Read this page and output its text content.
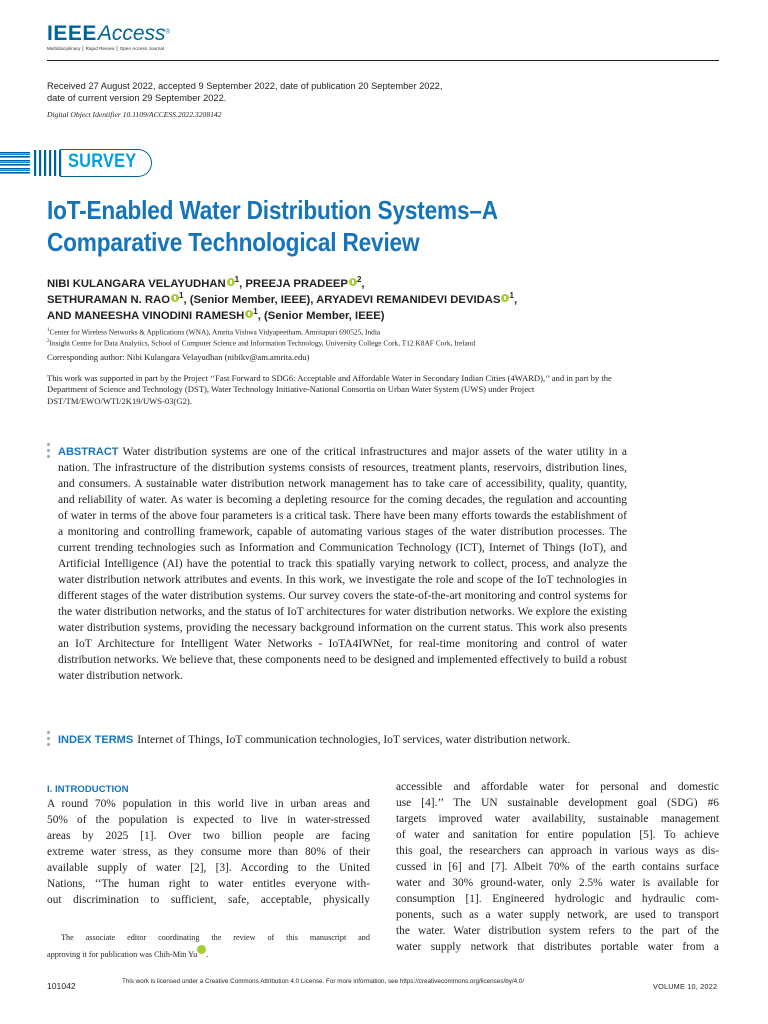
IEEEAccess®
Multidisciplinary ⎮ Rapid Review ⎮ Open Access Journal
Received 27 August 2022, accepted 9 September 2022, date of publication 20 September 2022,
date of current version 29 September 2022.
Digital Object Identifier 10.1109/ACCESS.2022.3208142
SURVEY
IoT-Enabled Water Distribution Systems–A
Comparative Technological Review
NIBI KULANGARA VELAYUDHAN $^1$, PREEJA PRADEEP $^2$,
SETHURAMAN N. RAO $^1$, (Senior Member, IEEE), ARYADEVI REMANIDEVI DEVIDAS $^1$,
AND MANEESHA VINODINI RAMESH $^1$, (Senior Member, IEEE)
$^1$Center for Wireless Networks & Applications (WNA), Amrita Vishwa Vidyapeetham, Amritapuri 690525, India
$^2$Insight Centre for Data Analytics, School of Computer Science and Information Technology, University College Cork, T12 K8AF Cork, Ireland
Corresponding author: Nibi Kulangara Velayudhan (nibikv@am.amrita.edu)
This work was supported in part by the Project ‘‘Fast Forward to SDG6: Acceptable and Affordable Water in Secondary Indian Cities (4WARD),’’ and in part by the Department of Science and Technology (DST), Water Technology Initiative-National Consortia on Urban Water System (UWS) under Project DST/TM/EWO/WTI/2K19/UWS-03(G2).
ABSTRACT Water distribution systems are one of the critical infrastructures and major assets of the water utility in a nation. The infrastructure of the distribution systems consists of resources, treatment plants, reservoirs, distribution lines, and consumers. A sustainable water distribution network management has to take care of accessibility, quality, quantity, and reliability of water. As water is becoming a depleting resource for the coming decades, the regulation and accounting of water in terms of the above four parameters is a critical task. There have been many efforts towards the establishment of a monitoring and controlling framework, capable of automating various stages of the water distribution processes. The current trending technologies such as Information and Communication Technology (ICT), Internet of Things (IoT), and Artificial Intelligence (AI) have the potential to track this spatially varying network to collect, process, and analyze the water distribution network attributes and events. In this work, we investigate the role and scope of the IoT technologies in different stages of the water distribution systems. Our survey covers the state-of-the-art monitoring and control systems for the water distribution networks, and the status of IoT architectures for water distribution networks. We explore the existing water distribution systems, providing the necessary background information on the current status. This work also presents an IoT Architecture for Intelligent Water Networks - IoTA4IWNet, for real-time monitoring and control of water distribution networks. We believe that, these components need to be designed and implemented effectively to build a robust water distribution network.
INDEX TERMS Internet of Things, IoT communication technologies, IoT services, water distribution network.
I. INTRODUCTION
A round 70% population in this world live in urban areas and
50% of the population is expected to live in water-stressed
areas by 2025 [1]. Over two billion people are facing
extreme water stress, as they consume more than 80% of their
available supply of water [2], [3]. According to the United
Nations, ‘‘The human right to water entitles everyone with-
out discrimination to sufficient, safe, acceptable, physically
accessible and affordable water for personal and domestic
use [4].’’ The UN sustainable development goal (SDG) #6
targets improved water availability, sustainable management
of water and sanitation for entire population [5]. To achieve
this goal, the researchers can approach in various ways as dis-
cussed in [6] and [7]. Albeit 70% of the earth contains surface
water and 30% ground-water, only 2.5% water is available for
consumption [1]. Engineered hydrologic and hydraulic com-
ponents, such as a water supply network, are used to transport
the water. Water distribution system refers to the part of the
water supply network that distributes portable water from a
The associate editor coordinating the review of this manuscript and
approving it for publication was Chih-Min Yu .
101042	This work is licensed under a Creative Commons Attribution 4.0 License. For more information, see https://creativecommons.org/licenses/by/4.0/
VOLUME 10, 2022
